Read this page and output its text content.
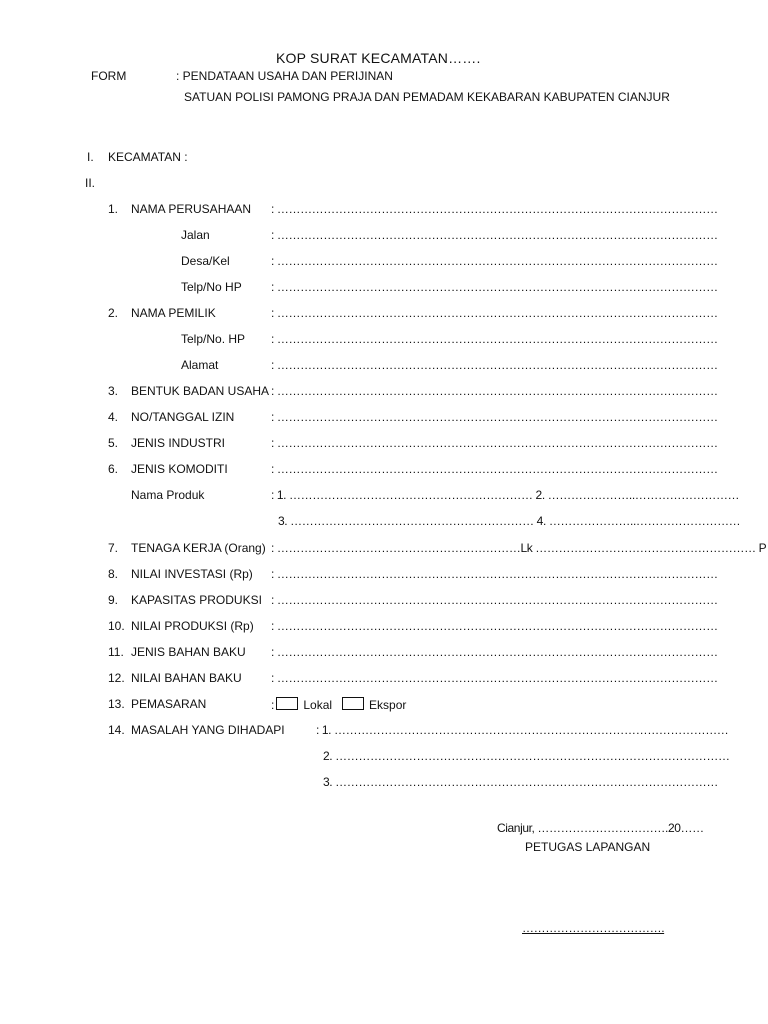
KOP SURAT KECAMATAN…….
FORM	: PENDATAAN USAHA DAN PERIJINAN
SATUAN POLISI PAMONG PRAJA DAN PEMADAM KEKABARAN KABUPATEN CIANJUR
I. KECAMATAN :
II.
1. NAMA PERUSAHAAN : ……………………………………………………………………………………………………
Jalan	: ……………………………………………………………………………………………………
Desa/Kel	: ……………………………………………………………………………………………………
Telp/No HP : ……………………………………………………………………………………………………
2. NAMA PEMILIK	: ……………………………………………………………………………………………………
Telp/No. HP : ……………………………………………………………………………………………………
Alamat	: ……………………………………………………………………………………………………
3. BENTUK BADAN USAHA : ……………………………………………………………………………………………………
4. NO/TANGGAL IZIN	: ……………………………………………………………………………………………………
5. JENIS INDUSTRI	: ……………………………………………………………………………………………………
6. JENIS KOMODITI	: ……………………………………………………………………………………………………
Nama Produk	: 1. ……………………………………………………… 2. …………………..………………………
3. ……………………………………………………… 4. …………………..………………………
7. TENAGA KERJA (Orang) : ………………………………………………………Lk ………………………………………………… P
8. NILAI INVESTASI (Rp) : ……………………………………………………………………………………………………
9. KAPASITAS PRODUKSI : ……………………………………………………………………………………………………
10. NILAI PRODUKSI (Rp) : ……………………………………………………………………………………………………
11. JENIS BAHAN BAKU : ……………………………………………………………………………………………………
12. NILAI BAHAN BAKU : ……………………………………………………………………………………………………
13. PEMASARAN	: Lokal	Ekspor
14. MASALAH YANG DIHADAPI	: 1. …………………………………………………………………………………………
2. …………………………………………………………………………………………
3. ………………………………………………………………………………………
Cianjur, …………………………….20……
PETUGAS LAPANGAN
……………………………….
